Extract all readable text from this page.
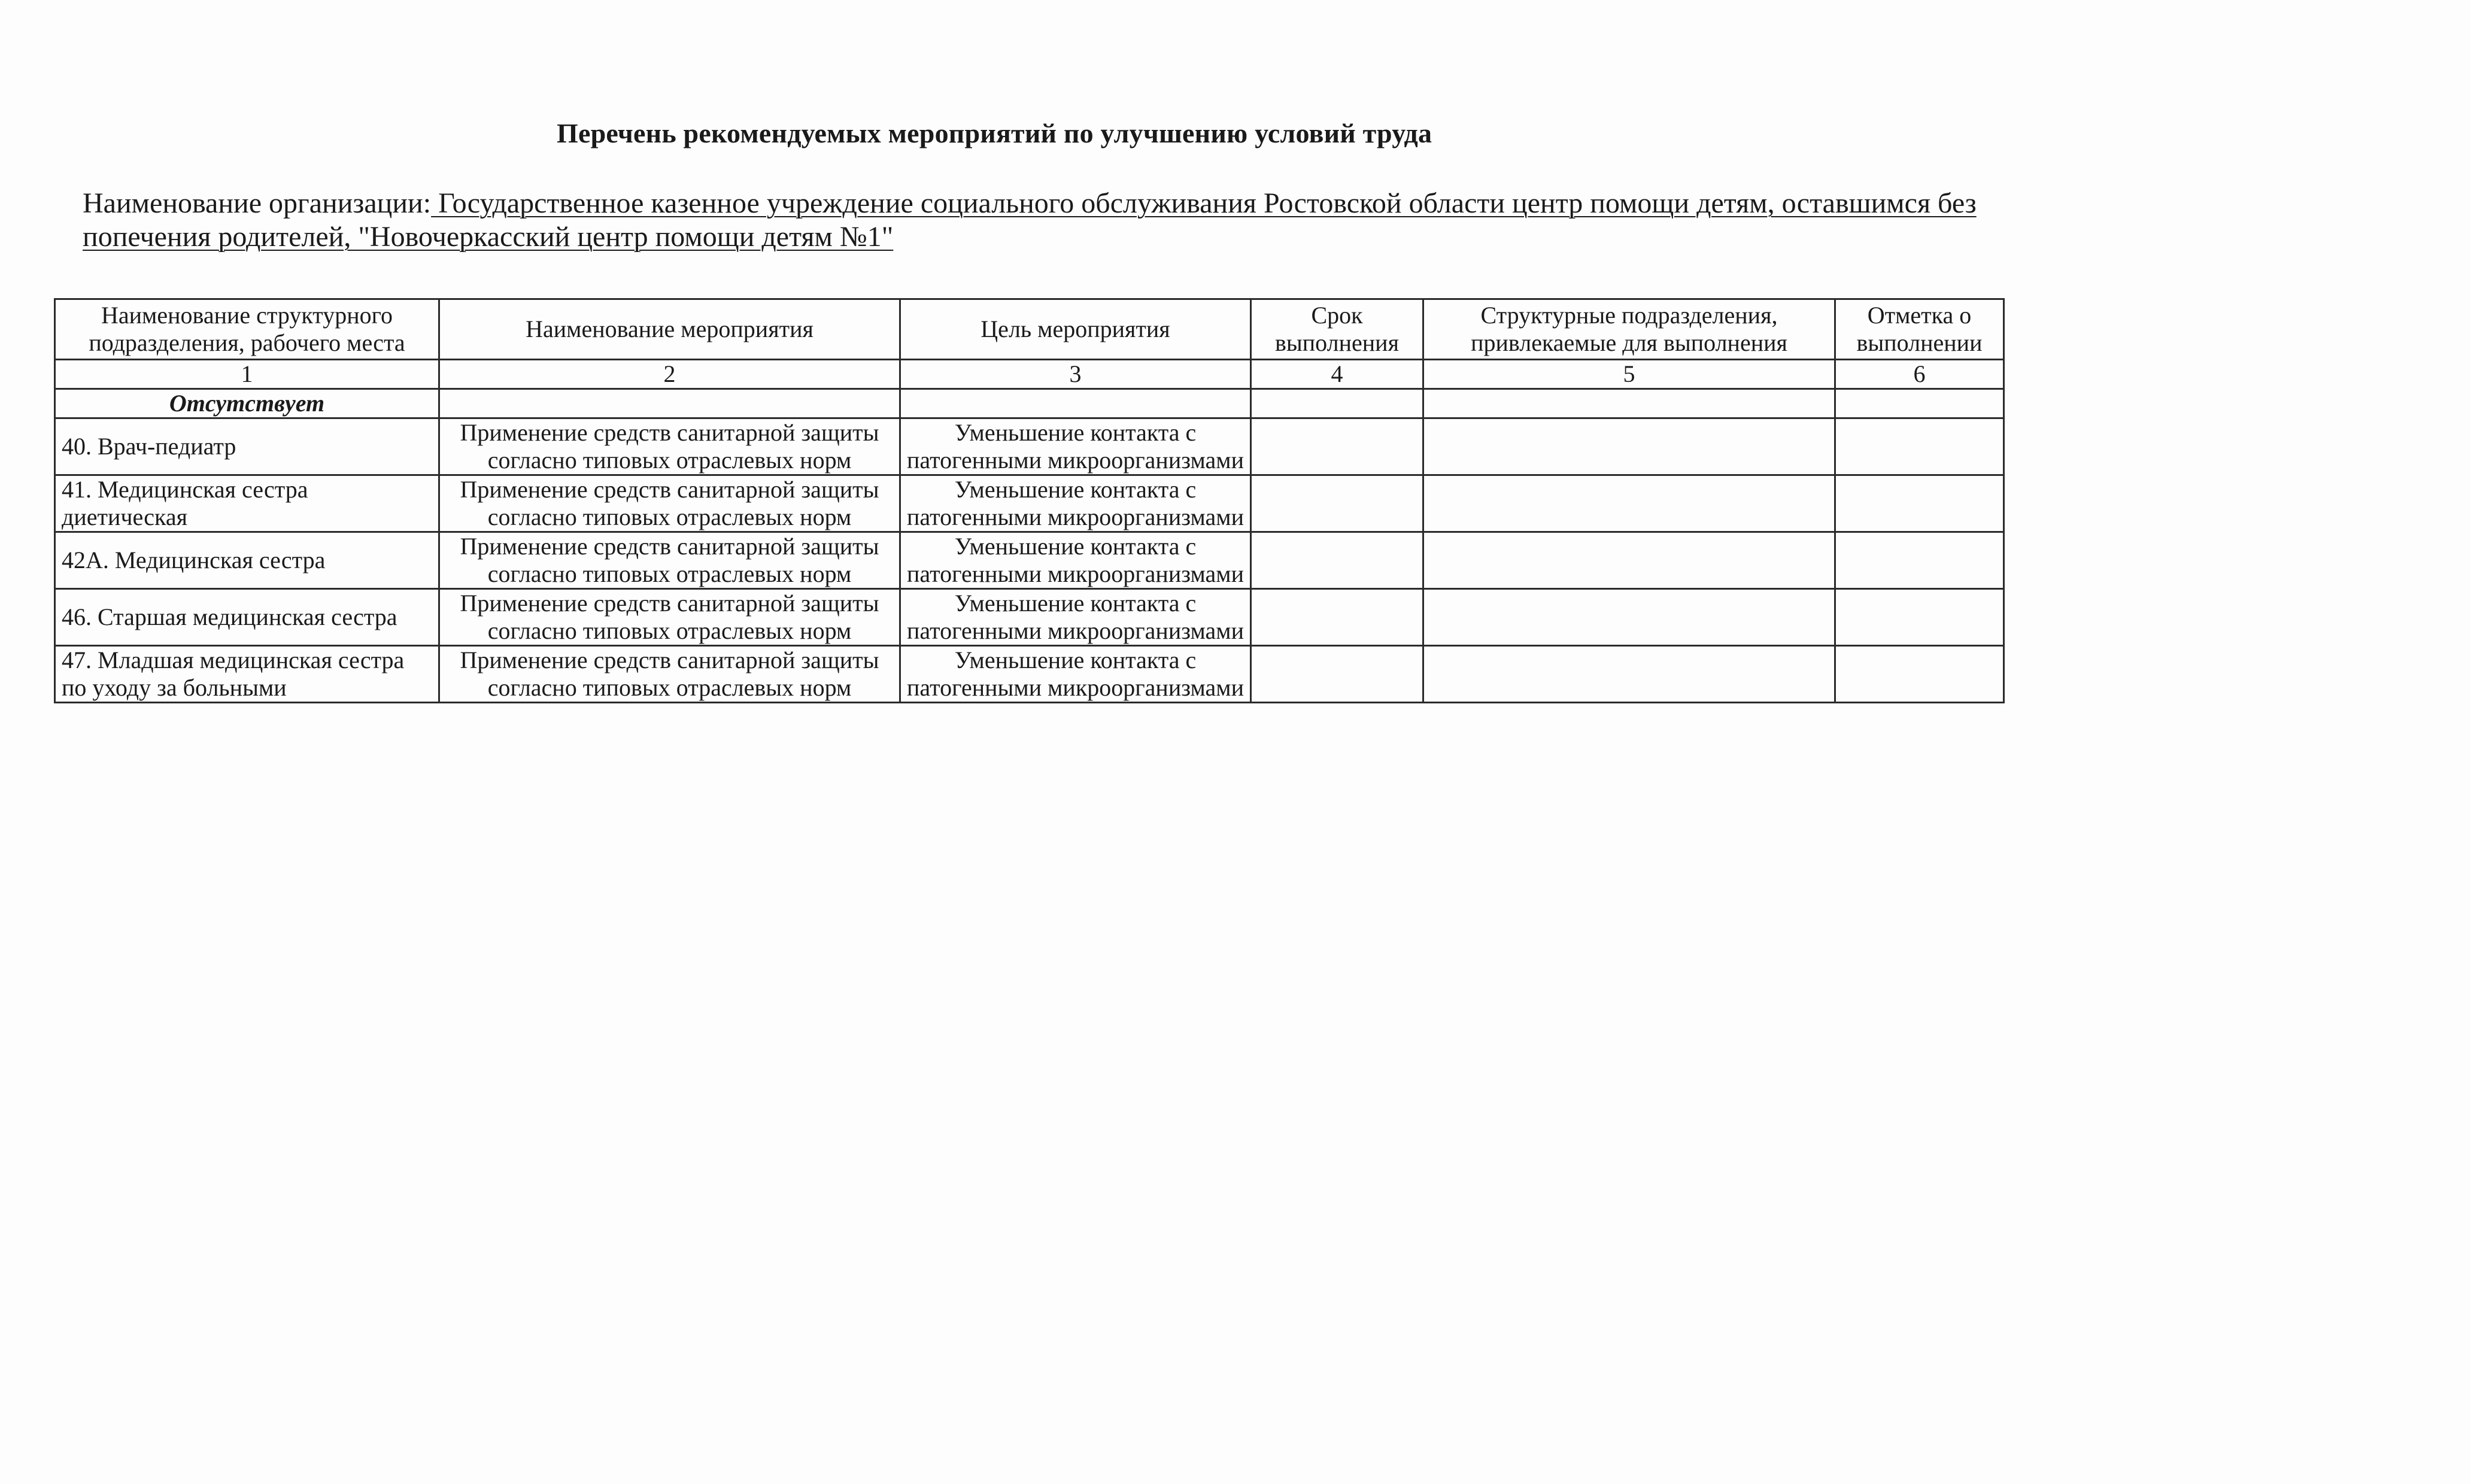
Перечень рекомендуемых мероприятий по улучшению условий труда
Наименование организации: Государственное казенное учреждение социального обслуживания Ростовской области центр помощи детям, оставшимся без попечения родителей, "Новочеркасский центр помощи детям №1"
Наименование структурного подразделения, рабочего места	Наименование мероприятия	Цель мероприятия	Срок выполнения	Структурные подразделения, привлекаемые для выполнения	Отметка о выполнении
1	2	3	4	5	6
Отсутствует					
40. Врач-педиатр	Применение средств санитарной защиты согласно типовых отраслевых норм	Уменьшение контакта с патогенными микроорганизмами			
41. Медицинская сестра диетическая	Применение средств санитарной защиты согласно типовых отраслевых норм	Уменьшение контакта с патогенными микроорганизмами			
42А. Медицинская сестра	Применение средств санитарной защиты согласно типовых отраслевых норм	Уменьшение контакта с патогенными микроорганизмами			
46. Старшая медицинская сестра	Применение средств санитарной защиты согласно типовых отраслевых норм	Уменьшение контакта с патогенными микроорганизмами			
47. Младшая медицинская сестра по уходу за больными	Применение средств санитарной защиты согласно типовых отраслевых норм	Уменьшение контакта с патогенными микроорганизмами			
